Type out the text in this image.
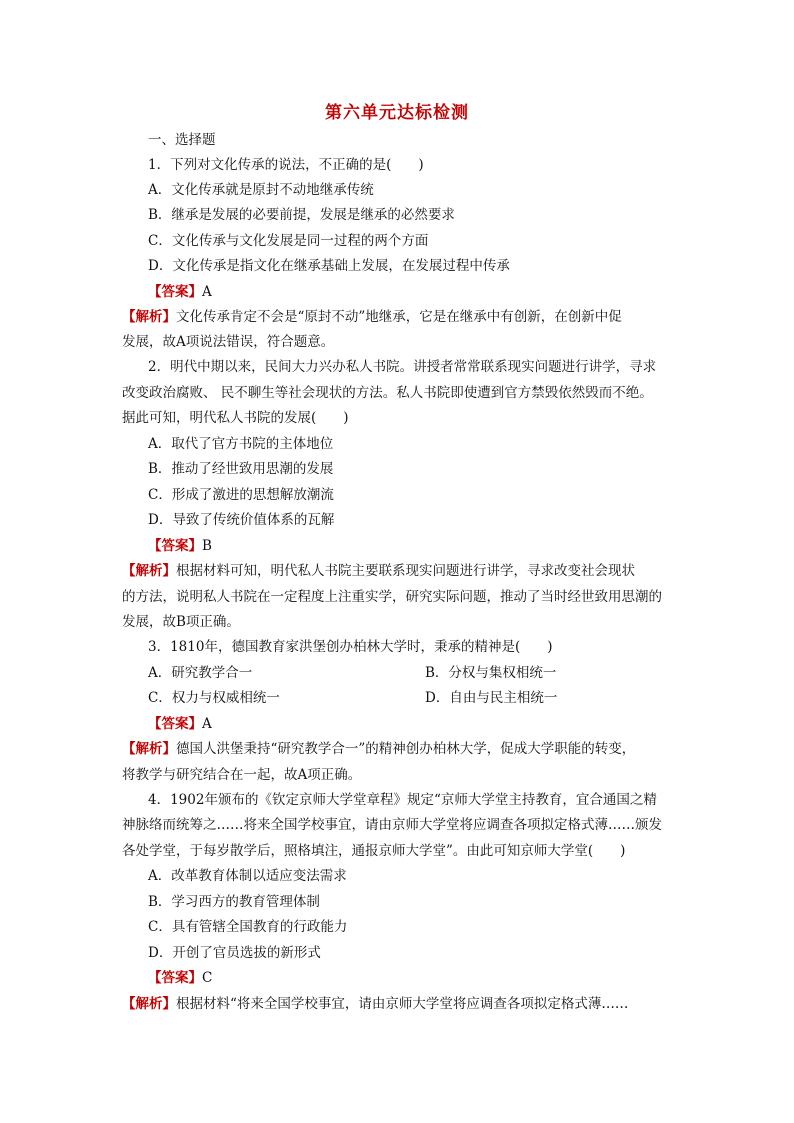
第六单元达标检测
一、选择题
1．下列对文化传承的说法，不正确的是(　　)
A．文化传承就是原封不动地继承传统
B．继承是发展的必要前提，发展是继承的必然要求
C．文化传承与文化发展是同一过程的两个方面
D．文化传承是指文化在继承基础上发展，在发展过程中传承
【答案】A
【解析】文化传承肯定不会是“原封不动”地继承，它是在继承中有创新，在创新中促
发展，故A项说法错误，符合题意。
2．明代中期以来，民间大力兴办私人书院。讲授者常常联系现实问题进行讲学，寻求
改变政治腐败、 民不聊生等社会现状的方法。私人书院即使遭到官方禁毁依然毁而不绝。
据此可知，明代私人书院的发展(　　)
A．取代了官方书院的主体地位
B．推动了经世致用思潮的发展
C．形成了激进的思想解放潮流
D．导致了传统价值体系的瓦解
【答案】B
【解析】根据材料可知，明代私人书院主要联系现实问题进行讲学，寻求改变社会现状
的方法，说明私人书院在一定程度上注重实学，研究实际问题，推动了当时经世致用思潮的
发展，故B项正确。
3．1810年，德国教育家洪堡创办柏林大学时，秉承的精神是(　　)
A．研究教学合一	B．分权与集权相统一
C．权力与权威相统一	D．自由与民主相统一
【答案】A
【解析】德国人洪堡秉持“研究教学合一”的精神创办柏林大学，促成大学职能的转变，
将教学与研究结合在一起，故A项正确。
4．1902年颁布的《钦定京师大学堂章程》规定“京师大学堂主持教育，宜合通国之精
神脉络而统筹之……将来全国学校事宜，请由京师大学堂将应调查各项拟定格式薄……颁发
各处学堂，于每岁散学后，照格填注，通报京师大学堂”。由此可知京师大学堂(　　)
A．改革教育体制以适应变法需求
B．学习西方的教育管理体制
C．具有管辖全国教育的行政能力
D．开创了官员选拔的新形式
【答案】C
【解析】根据材料“将来全国学校事宜，请由京师大学堂将应调查各项拟定格式薄……
